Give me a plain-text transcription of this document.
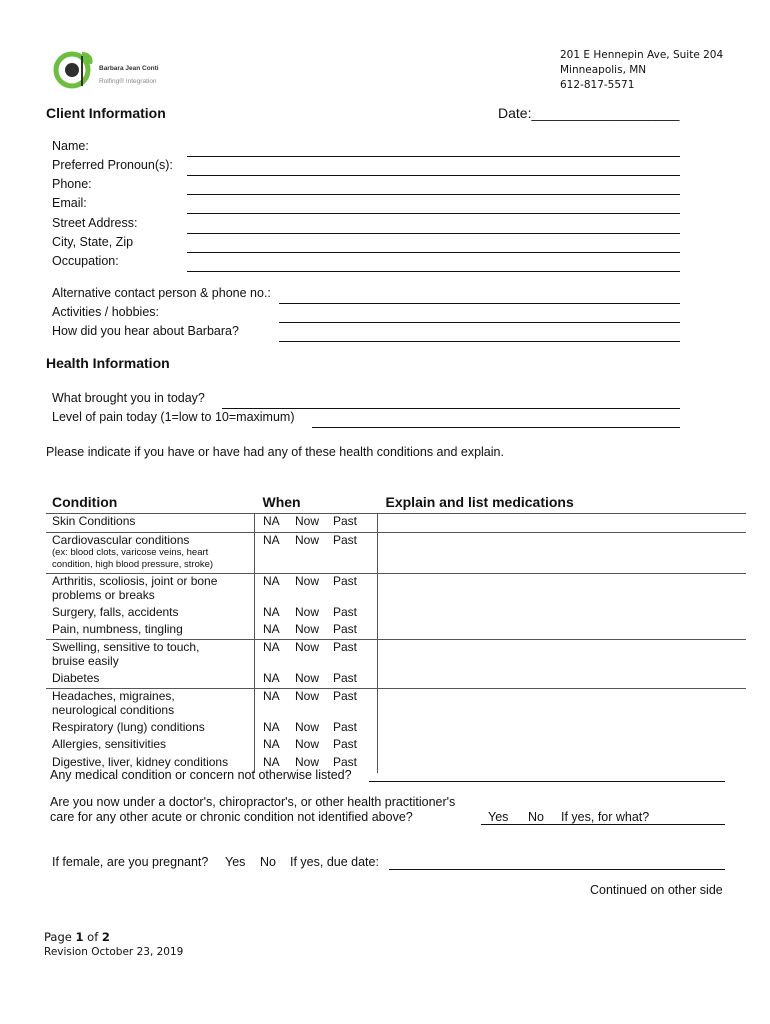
Barbara Jean Conti
Rolfing® Integration
201 E Hennepin Ave, Suite 204
Minneapolis, MN
612-817-5571
Client Information	Date:___________________
Name:
Preferred Pronoun(s):
Phone:
Email:
Street Address:
City, State, Zip
Occupation:
Alternative contact person & phone no.:
Activities / hobbies:
How did you hear about Barbara?
Health Information
What brought you in today?
Level of pain today (1=low to 10=maximum)
Please indicate if you have or have had any of these health conditions and explain.
Condition	When	Explain and list medications

Skin Conditions	NA Now Past	

Cardiovascular conditions
(ex: blood clots, varicose veins, heart condition, high blood pressure, stroke)	NA Now Past	

Arthritis, scoliosis, joint or bone problems or breaks	NA Now Past	

Surgery, falls, accidents	NA Now Past	

Pain, numbness, tingling	NA Now Past	

Swelling, sensitive to touch, bruise easily	NA Now Past	

Diabetes	NA Now Past	

Headaches, migraines, neurological conditions	NA Now Past	

Respiratory (lung) conditions	NA Now Past	

Allergies, sensitivities	NA Now Past	

Digestive, liver, kidney conditions	NA Now Past	
Any medical condition or concern not otherwise listed?
Are you now under a doctor's, chiropractor's, or other health practitioner's
care for any other acute or chronic condition not identified above?	Yes No If yes, for what?
If female, are you pregnant? Yes No If yes, due date:
Continued on other side
Page 1 of 2
Revision October 23, 2019
